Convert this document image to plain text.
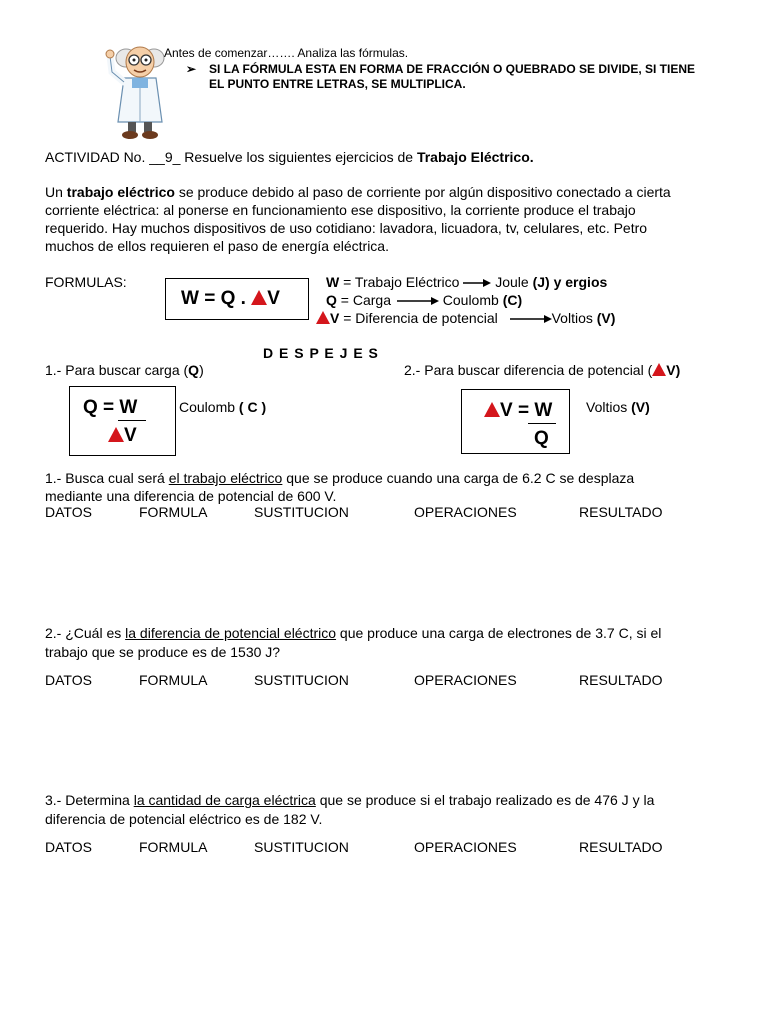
Antes de comenzar……. Analiza las fórmulas.
➢ SI LA FÓRMULA ESTA EN FORMA DE FRACCIÓN O QUEBRADO SE DIVIDE, SI TIENE
EL PUNTO ENTRE LETRAS, SE MULTIPLICA.
ACTIVIDAD No. __9_ Resuelve los siguientes ejercicios de Trabajo Eléctrico.
Un trabajo eléctrico se produce debido al paso de corriente por algún dispositivo conectado a cierta
corriente eléctrica: al ponerse en funcionamiento ese dispositivo, la corriente produce el trabajo
requerido. Hay muchos dispositivos de uso cotidiano: lavadora, licuadora, tv, celulares, etc. Petro
muchos de ellos requieren el paso de energía eléctrica.
FORMULAS:
W = Q . V
W = Trabajo Eléctrico  Joule (J) y ergios
Q = Carga	Coulomb (C)
V = Diferencia de potencial	Voltios (V)
D E S P E J E S
1.- Para buscar carga (Q)	2.- Para buscar diferencia de potencial ( V)
Q = W
V
Coulomb ( C )	V = W
Q
Voltios (V)
1.- Busca cual será el trabajo eléctrico que se produce cuando una carga de 6.2 C se desplaza
mediante una diferencia de potencial de 600 V.
DATOS	FORMULA	SUSTITUCION	OPERACIONES	RESULTADO
2.- ¿Cuál es la diferencia de potencial eléctrico que produce una carga de electrones de 3.7 C, si el
trabajo que se produce es de 1530 J?
DATOS	FORMULA	SUSTITUCION	OPERACIONES	RESULTADO
3.- Determina la cantidad de carga eléctrica que se produce si el trabajo realizado es de 476 J y la
diferencia de potencial eléctrico es de 182 V.
DATOS	FORMULA	SUSTITUCION	OPERACIONES	RESULTADO
